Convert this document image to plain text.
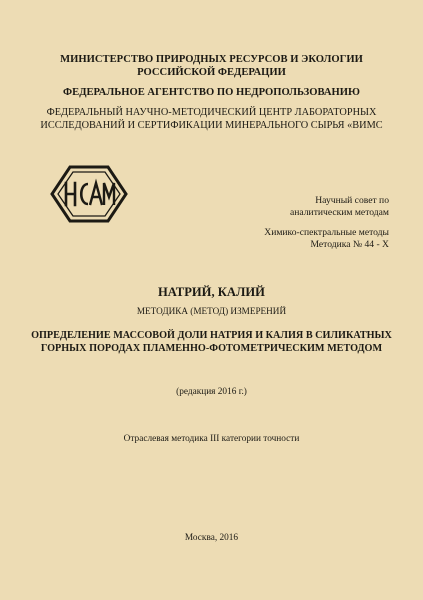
МИНИСТЕРСТВО ПРИРОДНЫХ РЕСУРСОВ И ЭКОЛОГИИ
РОССИЙСКОЙ ФЕДЕРАЦИИ
ФЕДЕРАЛЬНОЕ АГЕНТСТВО ПО НЕДРОПОЛЬЗОВАНИЮ
ФЕДЕРАЛЬНЫЙ НАУЧНО-МЕТОДИЧЕСКИЙ ЦЕНТР ЛАБОРАТОРНЫХ
ИССЛЕДОВАНИЙ И СЕРТИФИКАЦИИ МИНЕРАЛЬНОГО СЫРЬЯ «ВИМС
Научный совет по
аналитическим методам
Химико-спектральные методы
Методика № 44 - Х
НАТРИЙ, КАЛИЙ
МЕТОДИКА (МЕТОД) ИЗМЕРЕНИЙ
ОПРЕДЕЛЕНИЕ МАССОВОЙ ДОЛИ НАТРИЯ И КАЛИЯ В СИЛИКАТНЫХ
ГОРНЫХ ПОРОДАХ ПЛАМЕННО-ФОТОМЕТРИЧЕСКИМ МЕТОДОМ
(редакция 2016 г.)
Отраслевая методика III категории точности
Москва, 2016
